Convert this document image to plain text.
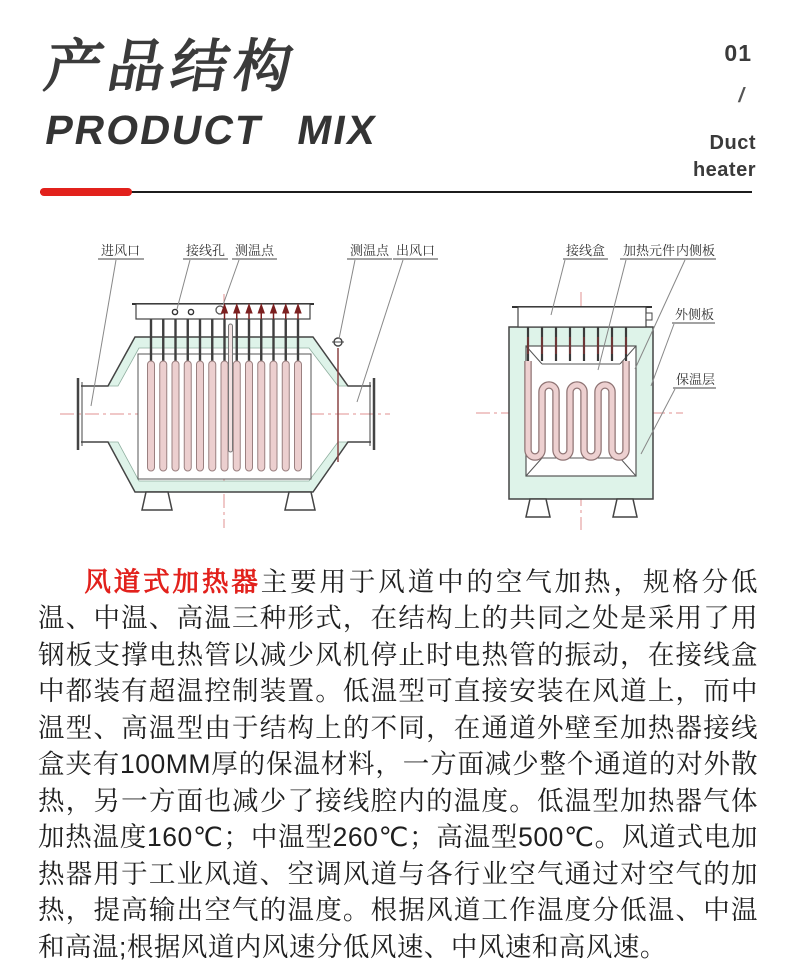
产品结构
PRODUCT MIX
01
/
Duct heater
进风口	接线孔 测温点	测温点 出风口	接线盒 加热元件 内侧板
外侧板
保温层

风道式加热器主要用于风道中的空气加热，规格分低温、中温、高温三种形式，在结构上的共同之处是采用了用钢板支撑电热管以减少风机停止时电热管的振动，在接线盒中都装有超温控制装置。低温型可直接安装在风道上，而中温型、高温型由于结构上的不同，在通道外壁至加热器接线盒夹有100MM厚的保温材料，一方面减少整个通道的对外散热，另一方面也减少了接线腔内的温度。低温型加热器气体加热温度160℃；中温型260℃；高温型500℃。风道式电加热器用于工业风道、空调风道与各行业空气通过对空气的加热，提高输出空气的温度。根据风道工作温度分低温、中温和高温;根据风道内风速分低风速、中风速和高风速。
